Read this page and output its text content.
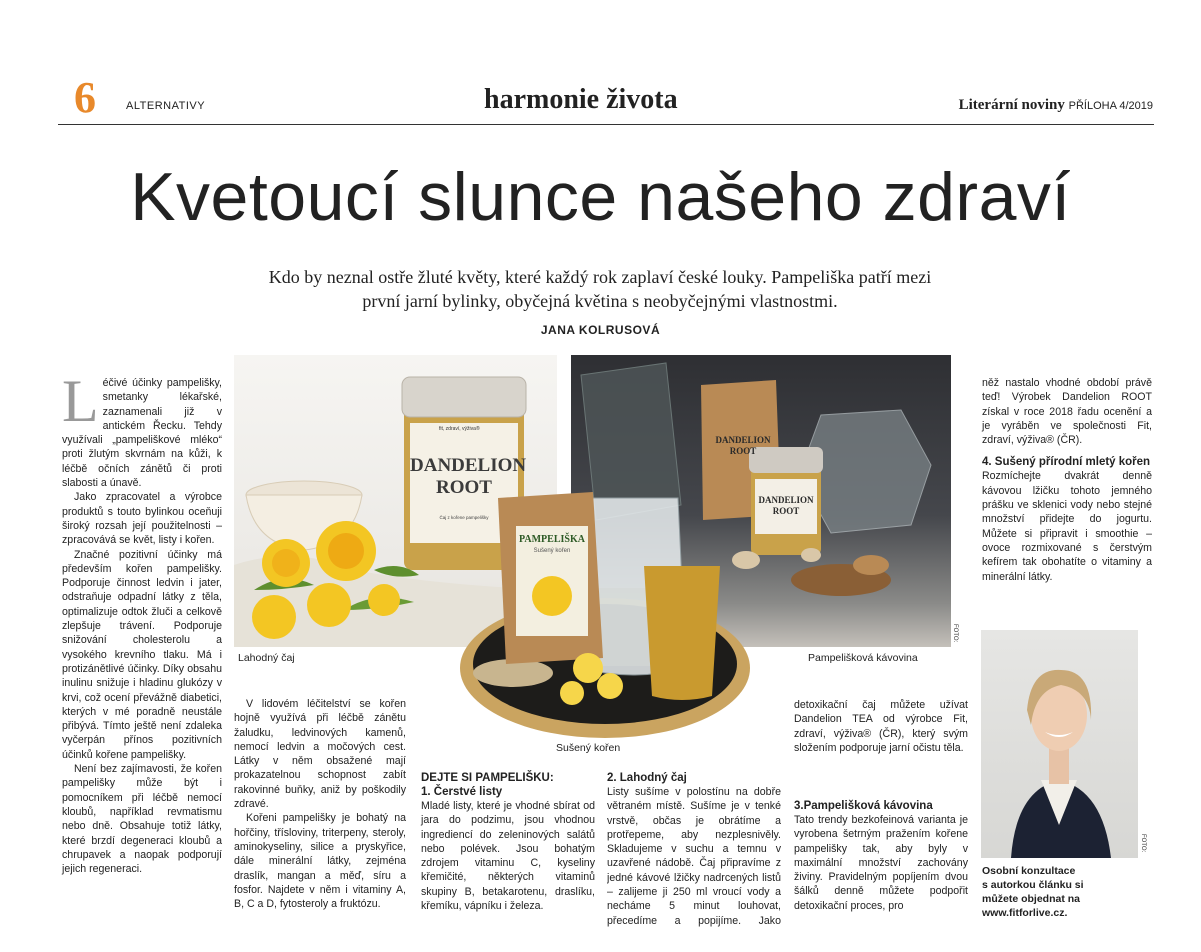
6	ALTERNATIVY	harmonie života	Literární noviny PŘÍLOHA 4/2019
Kvetoucí slunce našeho zdraví
Kdo by neznal ostře žluté květy, které každý rok zaplaví české louky. Pampeliška patří mezi
první jarní bylinky, obyčejná květina s neobyčejnými vlastnostmi.
JANA KOLRUSOVÁ
fit, zdraví, výživa®
DANDELION ROOT
Čaj z kořene pampelišky
Lahodný čaj
DANDELION ROOT
DANDELION ROOT
FOTO:
Pampelišková kávovina
PAMPELIŠKA
Sušený kořen
Sušený kořen
FOTO:
Osobní konzultace
s autorkou článku si
můžete objednat na
www.fitforlive.cz.

Léčivé účinky pampelišky, smetanky lékařské, zaznamenali již v antickém Řecku. Tehdy využívali „pampeliškové mléko“ proti žlutým skvrnám na kůži, k léčbě očních zánětů či proti slabosti a únavě.

Jako zpracovatel a výrobce produktů s touto bylinkou oceňuji široký rozsah její použitelnosti – zpracovává se květ, listy i kořen.

Značné pozitivní účinky má především kořen pampelišky. Podporuje činnost ledvin i jater, odstraňuje odpadní látky z těla, optimalizuje odtok žluči a celkově zlepšuje trávení. Podporuje snižování cholesterolu a vysokého krevního tlaku. Má i protizánětlivé účinky. Díky obsahu inulinu snižuje i hladinu glukózy v krvi, což ocení převážně diabetici, kterých v mé poradně neustále přibývá. Tímto ještě není zdaleka vyčerpán přínos pozitivních účinků kořene pampelišky.

Není bez zajímavosti, že kořen pampelišky může být i pomocníkem při léčbě nemocí kloubů, například revmatismu nebo dně. Obsahuje totiž látky, které brzdí degeneraci kloubů a chrupavek a naopak podporují jejich regeneraci.

V lidovém léčitelství se kořen hojně využívá při léčbě zánětu žaludku, ledvinových kamenů, nemocí ledvin a močových cest. Látky v něm obsažené mají prokazatelnou schopnost zabít rakovinné buňky, aniž by poškodily zdravé.

Kořeni pampelišky je bohatý na hořčiny, třísloviny, triterpeny, steroly, aminokyseliny, silice a pryskyřice, dále minerální látky, zejména draslík, mangan a měď, síru a fosfor. Najdete v něm i vitaminy A, B, C a D, fytosteroly a fruktózu.

DEJTE SI PAMPELIŠKU:
1. Čerstvé listy

Mladé listy, které je vhodné sbírat od jara do podzimu, jsou vhodnou ingrediencí do zeleninových salátů nebo polévek. Jsou bohatým zdrojem vitaminu C, kyseliny křemičité, některých vitaminů skupiny B, betakarotenu, draslíku, křemíku, vápníku i železa.

2. Lahodný čaj

Listy sušíme v polostínu na dobře větraném místě. Sušíme je v tenké vrstvě, občas je obrátíme a protřepeme, aby nezplesnivěly. Skladujeme v suchu a temnu v uzavřené nádobě. Čaj připravíme z jedné kávové lžičky nadrcených listů – zalijeme ji 250 ml vroucí vody a necháme 5 minut louhovat, přecedíme a popijíme. Jako

detoxikační čaj můžete užívat Dandelion TEA od výrobce Fit, zdraví, výživa® (ČR), který svým složením podporuje jarní očistu těla.

3.Pampelišková kávovina

Tato trendy bezkofeinová varianta je vyrobena šetrným pražením kořene pampelišky tak, aby byly v maximální množství zachovány živiny. Pravidelným popíjením dvou šálků denně můžete podpořit detoxikační proces, pro

něž nastalo vhodné období právě teď! Výrobek Dandelion ROOT získal v roce 2018 řadu ocenění a je vyráběn ve společnosti Fit, zdraví, výživa® (ČR).

4. Sušený přírodní mletý kořen

Rozmíchejte dvakrát denně kávovou lžičku tohoto jemného prášku ve sklenici vody nebo stejné množství přidejte do jogurtu. Můžete si připravit i smoothie – ovoce rozmixované s čerstvým kefírem tak obohatíte o vitaminy a minerální látky.
